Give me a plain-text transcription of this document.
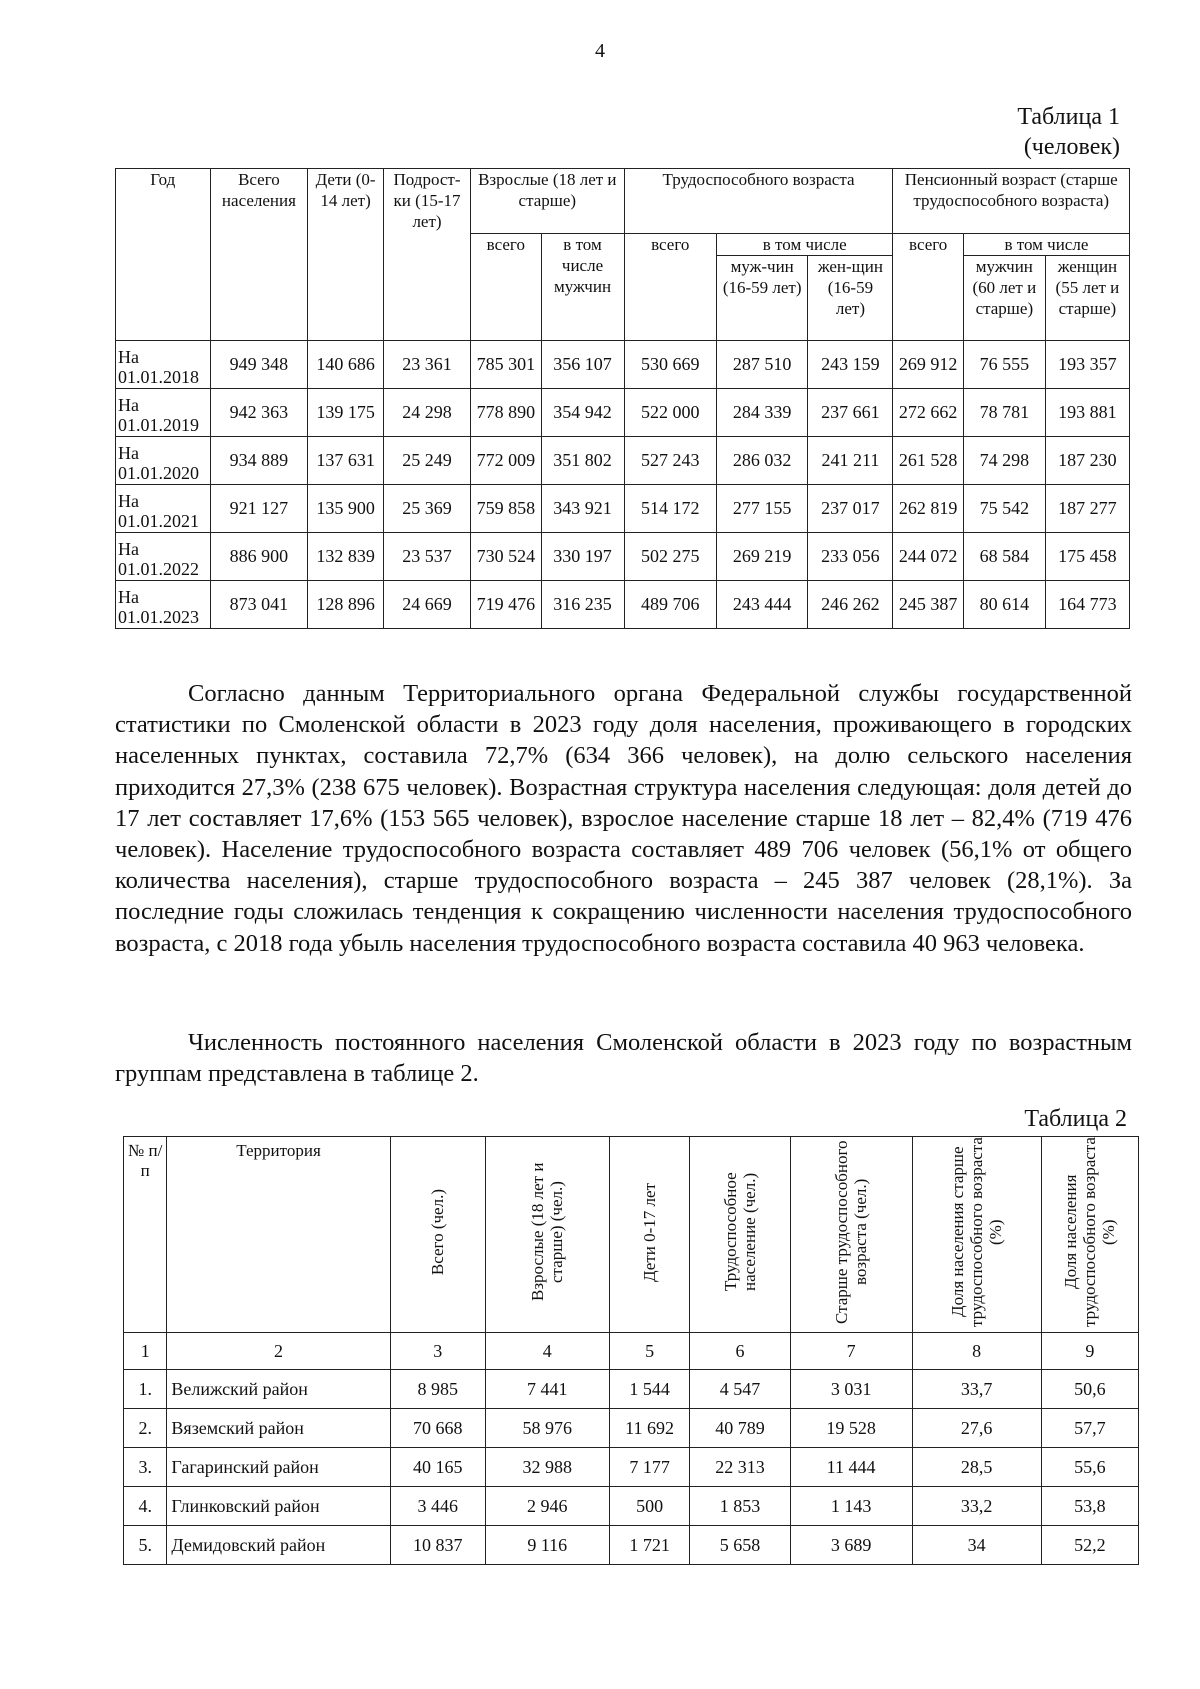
4
Таблица 1
(человек)
Год	Всего населения	Дети (0-14 лет)	Подрост-ки (15-17 лет)	Взрослые (18 лет и старше)		Трудоспособного возраста			Пенсионный возраст (старше трудоспособного возраста)		
				всего	в том числе мужчин	всего	в том числе		всего	в том числе	
							муж-чин (16-59 лет)	жен-щин (16-59 лет)		мужчин (60 лет и старше)	женщин (55 лет и старше)

На
01.01.2018	949 348	140 686	23 361	785 301	356 107	530 669	287 510	243 159	269 912	76 555	193 357

На
01.01.2019	942 363	139 175	24 298	778 890	354 942	522 000	284 339	237 661	272 662	78 781	193 881

На
01.01.2020	934 889	137 631	25 249	772 009	351 802	527 243	286 032	241 211	261 528	74 298	187 230

На
01.01.2021	921 127	135 900	25 369	759 858	343 921	514 172	277 155	237 017	262 819	75 542	187 277

На
01.01.2022	886 900	132 839	23 537	730 524	330 197	502 275	269 219	233 056	244 072	68 584	175 458

На
01.01.2023	873 041	128 896	24 669	719 476	316 235	489 706	243 444	246 262	245 387	80 614	164 773

Согласно данным Территориального органа Федеральной службы государственной статистики по Смоленской области в 2023 году доля населения, проживающего в городских населенных пунктах, составила 72,7% (634 366 человек), на долю сельского населения приходится 27,3% (238 675 человек). Возрастная структура населения следующая: доля детей до 17 лет составляет 17,6% (153 565 человек), взрослое население старше 18 лет – 82,4% (719 476 человек). Население трудоспособного возраста составляет 489 706 человек (56,1% от общего количества населения), старше трудоспособного возраста – 245 387 человек (28,1%). За последние годы сложилась тенденция к сокращению численности населения трудоспособного возраста, с 2018 года убыль населения трудоспособного возраста составила 40 963 человека.

Численность постоянного населения Смоленской области в 2023 году по возрастным группам представлена в таблице 2.

Таблица 2
№ п/п	Территория	Всего (чел.)	Взрослые (18 лет и старше) (чел.)	Дети 0-17 лет	Трудоспособное население (чел.)	Старше трудоспособного возраста (чел.)	Доля населения старше трудоспособного возраста (%)	Доля населения трудоспособного возраста (%)
1	2	3	4	5	6	7	8	9
1.	Велижский район	8 985	7 441	1 544	4 547	3 031	33,7	50,6
2.	Вяземский район	70 668	58 976	11 692	40 789	19 528	27,6	57,7
3.	Гагаринский район	40 165	32 988	7 177	22 313	11 444	28,5	55,6
4.	Глинковский район	3 446	2 946	500	1 853	1 143	33,2	53,8
5.	Демидовский район	10 837	9 116	1 721	5 658	3 689	34	52,2
